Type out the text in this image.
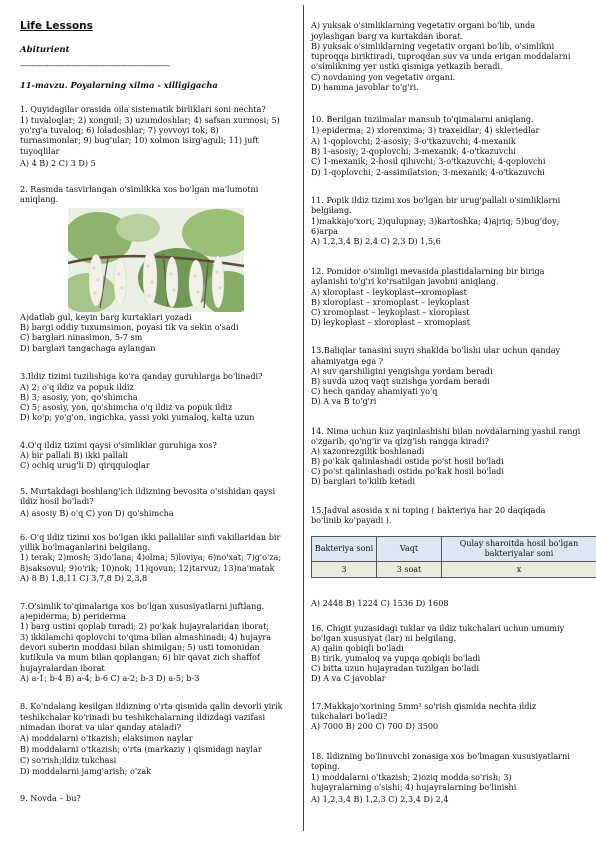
Life Lessons
Abiturient
----------------------------------------------------------------
11-mavzu. Poyalarning xilma - xilligigacha
1. Quyidagilar orasida oila sistematik birliklari soni nechta?
1) tuvaloqlar; 2) xonguil; 3) uzumdoshlar; 4) safsan xurmosi; 5)
yo'rg'a tuvaloq; 6) loladoshlar; 7) yovvoyi tok; 8)
turnasimonlar; 9) bug'ular; 10) xolmon isirg'aguli; 11) juft
tuyoqlilar
A) 4 B) 2 C) 3 D) 5
2. Rasmda tasvirlangan o'simlikka xos bo'lgan ma'lumotni
aniqlang.
A)datlab gul, keyin barg kurtaklari yozadi
B) bargi oddiy tuxumsimon, poyasi tik va sekin o'sadi
C) barglari ninasimon, 5-7 sm
D) barglari tangachaga aylangan
3.Ildiz tizimi tuzilishiga ko'ra qanday guruhlarga bo'linadi?
A) 2; o'q ildiz va popuk ildiz
B) 3; asosiy, yon, qo'shimcha
C) 5; asosiy, yon, qo'shimcha o'q ildiz va popuk ildiz
D) ko'p; yo'g'on, ingichka, yassi yoki yumaloq, kalta uzun
4.O'q ildiz tizimi qaysi o'simliklar guruhiga xos?
A) bir pallali B) ikki pallali
C) ochiq urug'li D) qirqquloqlar
5. Murtakdagi boshlang'ich ildizning bevosita o'sishidan qaysi
ildiz hosil bo'ladi?
A) asosiy B) o'q C) yon D) qo'shimcha
6. O'q ildiz tizimi xos bo'lgan ikki pallalilar sinfi vakillaridan bir
yillik bo'lmaganlarini belgilang.
1) terak; 2)mosh; 3)do'lana; 4)olma; 5)loviya; 6)no'xat; 7)g'o'za;
8)saksovul; 9)o'rik; 10)nok; 11)qovun; 12)tarvuz; 13)na'matak
A) 8 B) 1,8,11 C) 3,7,8 D) 2,3,8
7.O'simlik to'qimalariga xos bo'lgan xususiyatlarni juftlang.
a)epiderma; b) periderma
1) barg ustini qoplab turadi; 2) po'kak hujayralaridan iborat;
3) ikkilamchi qoplovchi to'qima bilan almashinadi; 4) hujayra
devori suberin moddasi bilan shimilgan; 5) usti tomonidan
kutikula va mum bilan qoplangan; 6) bir qavat zich shaffof
hujayralardan iborat
A) a-1; b-4 B) a-4; b-6 C) a-2; b-3 D) a-5; b-3
8. Ko'ndalang kesilgan ildizning o'rta qismida qalin devorli yirik
teshikchalar ko'rinadi bu teshikchalarning ildizdagi vazifasi
nimadan iborat va ular qanday ataladi?
A) moddalarni o'tkazish; elaksimon naylar
B) moddalarni o'tkazish; o'rta (markaziy ) qismidagi naylar
C) so'rish;ildiz tukchasi
D) moddalarni jamg'arish; o'zak
9. Novda – bu?
A) yuksak o'simliklarning vegetativ organi bo'lib, unda
joylashgan barg va kurtakdan iborat.
B) yuksak o'simliklarning vegetativ organi bo'lib, o'simlikni
tuproqqa biriktiradi, tuproqdan suv va unda erigan moddalarni
o'simlikning yer ustki qismiga yetkazib beradi.
C) novdaning yon vegetativ organi.
D) hamma javoblar to'g'ri.
10. Berilgan tuzilmalar mansub to'qimalarni aniqlang.
1) epiderma; 2) xlorenxima; 3) traxeidlar; 4) skleriedlar
A) 1-qoplovchi; 2-asosiy; 3-o'tkazuvchi; 4-mexanik
B) 1-asosiy; 2-qoplovchi; 3-mexanik; 4-o'tkazuvchi
C) 1-mexanik; 2-hosil qiluvchi; 3-o'tkazuvchi; 4-qoplovchi
D) 1-qoplovchi; 2-assimilatsion; 3-mexanik; 4-o'tkazuvchi
11. Popik ildiz tizimi xos bo'lgan bir urug'pallali o'simliklarni
belgilang.
1)makkajo'xori; 2)qulupnay; 3)kartoshka; 4)ajriq; 5)bug'doy;
6)arpa
A) 1,2,3,4 B) 2,4 C) 2,3 D) 1,5,6
12. Pomidor o'simligi mevasida plastidalarning bir biriga
aylanishi to'g'ri ko'rsatilgan javobni aniqlang.
A) xloroplast – leykoplast→xromoplast
B) xloroplast – xromoplast – leykoplast
C) xromoplast – leykoplast – xloroplast
D) leykoplast – xloroplast – xromoplast
13.Baliqlar tanasini suyri shaklda bo'lishi ular uchun qanday
ahamiyatga ega ?
A) suv qarshiligini yengishga yordam beradi
B) suvda uzoq vaqt suzishga yordam beradi
C) hech qanday ahamiyati yo'q
D) A va B to'g'ri
14. Nima uchun kuz yaqinlashishi bilan novdalarning yashil rangi
o'zgarib, qo'ng'ir va qizg'ish rangga kiradi?
A) xazonrezgilik boshlanadi
B) po'kak qalinlashadi ostida po'st hosil bo'ladi
C) po'st qalinlashadi ostida po'kak hosil bo'ladi
D) barglari to'kilib ketadi
15.Jadval asosida x ni toping ( bakteriya har 20 daqiqada
bo'linib ko'payadi ).
A) 2448 B) 1224 C) 1536 D) 1608
16. Chigit yuzasidagi tuklar va ildiz tukchalari uchun umumiy
bo'lgan xususiyat (lar) ni belgilang.
A) qalin qobiqli bo'ladi
B) tirik, yumaloq va yupqa qobiqli bo'ladi
C) bitta uzun hujayradan tuzilgan bo'ladi
D) A va C javoblar
17.Makkajo'xorining 5mm² so'rish qismida nechta ildiz
tukchalari bo'ladi?
A) 7000 B) 200 C) 700 D) 3500
18. Ildizning bo'linuvchi zonasiga xos bo'lmagan xususiyatlarni
toping.
1) moddalarni o'tkazish; 2)oziq modda so'rish; 3)
hujayralarning o'sishi; 4) hujayralarning bo'linishi
A) 1,2,3,4 B) 1,2,3 C) 2,3,4 D) 2,4
Bakteriya soni	Vaqt	Qulay sharoitda hosil bo'lgan bakteriyalar soni
3	3 soat	x
